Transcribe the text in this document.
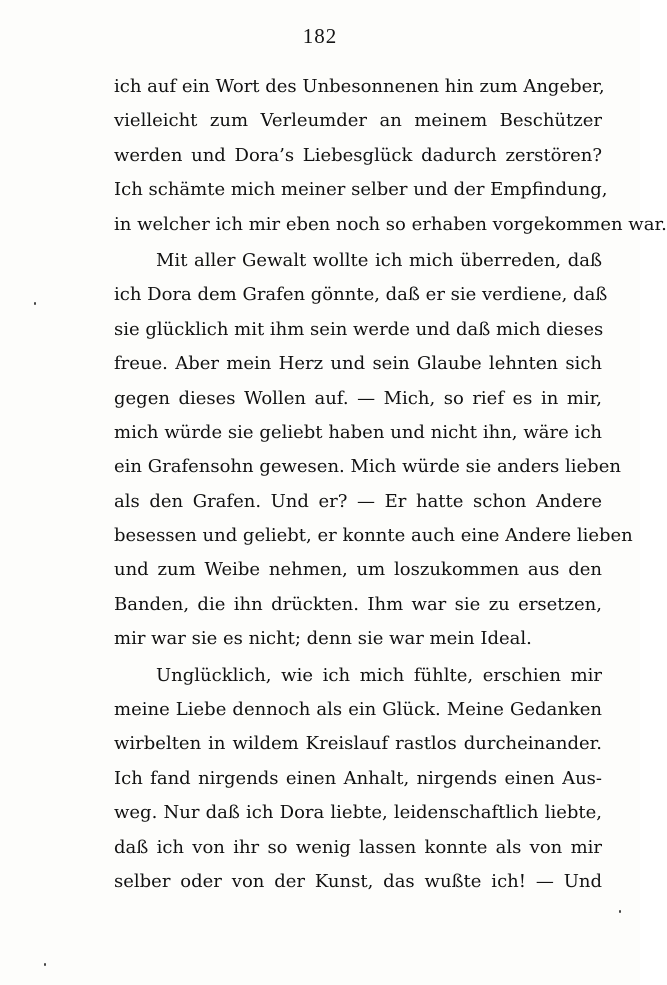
182
ich auf ein Wort des Unbesonnenen hin zum Angeber,
vielleicht zum Verleumder an meinem Beschützer
werden und Dora’s Liebesglück dadurch zerstören?
Ich schämte mich meiner selber und der Empfindung,
in welcher ich mir eben noch so erhaben vorgekommen war.
Mit aller Gewalt wollte ich mich überreden, daß
ich Dora dem Grafen gönnte, daß er sie verdiene, daß
sie glücklich mit ihm sein werde und daß mich dieses
freue. Aber mein Herz und sein Glaube lehnten sich
gegen dieses Wollen auf. — Mich, so rief es in mir,
mich würde sie geliebt haben und nicht ihn, wäre ich
ein Grafensohn gewesen. Mich würde sie anders lieben
als den Grafen. Und er? — Er hatte schon Andere
besessen und geliebt, er konnte auch eine Andere lieben
und zum Weibe nehmen, um loszukommen aus den
Banden, die ihn drückten. Ihm war sie zu ersetzen,
mir war sie es nicht; denn sie war mein Ideal.
Unglücklich, wie ich mich fühlte, erschien mir
meine Liebe dennoch als ein Glück. Meine Gedanken
wirbelten in wildem Kreislauf rastlos durcheinander.
Ich fand nirgends einen Anhalt, nirgends einen Aus-
weg. Nur daß ich Dora liebte, leidenschaftlich liebte,
daß ich von ihr so wenig lassen konnte als von mir
selber oder von der Kunst, das wußte ich! — Und
